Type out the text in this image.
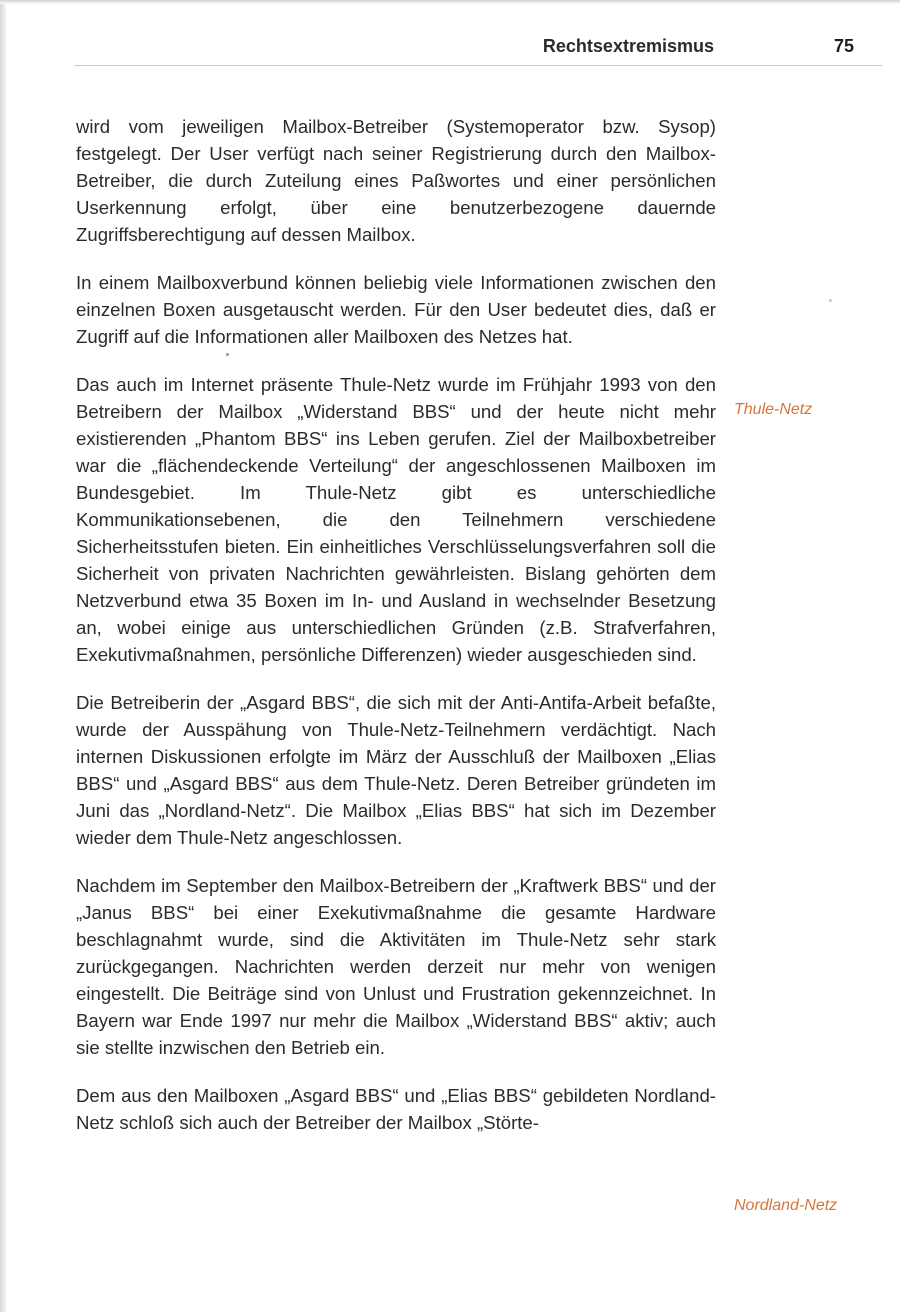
Rechtsextremismus	75

wird vom jeweiligen Mailbox-Betreiber (Systemoperator bzw. Sysop) festgelegt. Der User verfügt nach seiner Registrierung durch den Mailbox-Betreiber, die durch Zuteilung eines Paßwortes und einer persönlichen Userkennung erfolgt, über eine benutzerbezogene dauernde Zugriffsberechtigung auf dessen Mailbox.

In einem Mailboxverbund können beliebig viele Informationen zwischen den einzelnen Boxen ausgetauscht werden. Für den User bedeutet dies, daß er Zugriff auf die Informationen aller Mailboxen des Netzes hat.

Das auch im Internet präsente Thule-Netz wurde im Frühjahr 1993 von den Betreibern der Mailbox „Widerstand BBS“ und der heute nicht mehr existierenden „Phantom BBS“ ins Leben gerufen. Ziel der Mailboxbetreiber war die „flächendeckende Verteilung“ der angeschlossenen Mailboxen im Bundesgebiet. Im Thule-Netz gibt es unterschiedliche Kommunikationsebenen, die den Teilnehmern verschiedene Sicherheitsstufen bieten. Ein einheitliches Verschlüsselungsverfahren soll die Sicherheit von privaten Nachrichten gewährleisten. Bislang gehörten dem Netzverbund etwa 35 Boxen im In- und Ausland in wechselnder Besetzung an, wobei einige aus unterschiedlichen Gründen (z.B. Strafverfahren, Exekutivmaßnahmen, persönliche Differenzen) wieder ausgeschieden sind.

Die Betreiberin der „Asgard BBS“, die sich mit der Anti-Antifa-Arbeit befaßte, wurde der Ausspähung von Thule-Netz-Teilnehmern verdächtigt. Nach internen Diskussionen erfolgte im März der Ausschluß der Mailboxen „Elias BBS“ und „Asgard BBS“ aus dem Thule-Netz. Deren Betreiber gründeten im Juni das „Nordland-Netz“. Die Mailbox „Elias BBS“ hat sich im Dezember wieder dem Thule-Netz angeschlossen.

Nachdem im September den Mailbox-Betreibern der „Kraftwerk BBS“ und der „Janus BBS“ bei einer Exekutivmaßnahme die gesamte Hardware beschlagnahmt wurde, sind die Aktivitäten im Thule-Netz sehr stark zurückgegangen. Nachrichten werden derzeit nur mehr von wenigen eingestellt. Die Beiträge sind von Unlust und Frustration gekennzeichnet. In Bayern war Ende 1997 nur mehr die Mailbox „Widerstand BBS“ aktiv; auch sie stellte inzwischen den Betrieb ein.

Dem aus den Mailboxen „Asgard BBS“ und „Elias BBS“ gebildeten Nordland-Netz schloß sich auch der Betreiber der Mailbox „Störte-

Thule-Netz
Nordland-Netz
